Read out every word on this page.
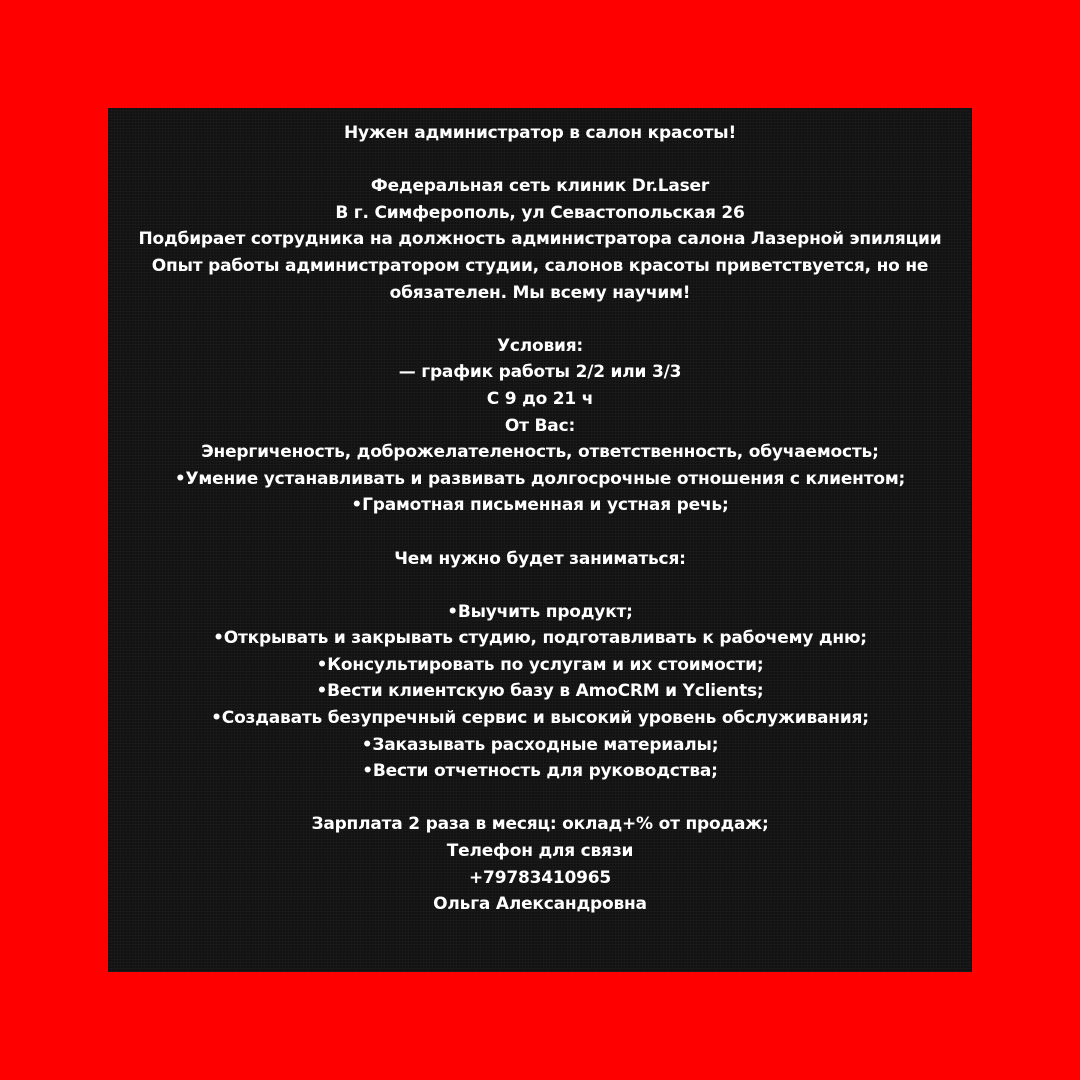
Нужен администратор в салон красоты!
Федеральная сеть клиник Dr.Laser
В г. Симферополь, ул Севастопольская 26
Подбирает сотрудника на должность администратора салона Лазерной эпиляции
Опыт работы администратором студии, салонов красоты приветствуется, но не обязателен. Мы всему научим!
Условия:
— график работы 2/2 или 3/3
С 9 до 21 ч
От Вас:
Энергиченость, доброжелателеность, ответственность, обучаемость;
•Умение устанавливать и развивать долгосрочные отношения с клиентом;
•Грамотная письменная и устная речь;
Чем нужно будет заниматься:
•Выучить продукт;
•Открывать и закрывать студию, подготавливать к рабочему дню;
•Консультировать по услугам и их стоимости;
•Вести клиентскую базу в AmoCRM и Yclients;
•Создавать безупречный сервис и высокий уровень обслуживания;
•Заказывать расходные материалы;
•Вести отчетность для руководства;
Зарплата 2 раза в месяц: оклад+% от продаж;
Телефон для связи
+79783410965
Ольга Александровна
